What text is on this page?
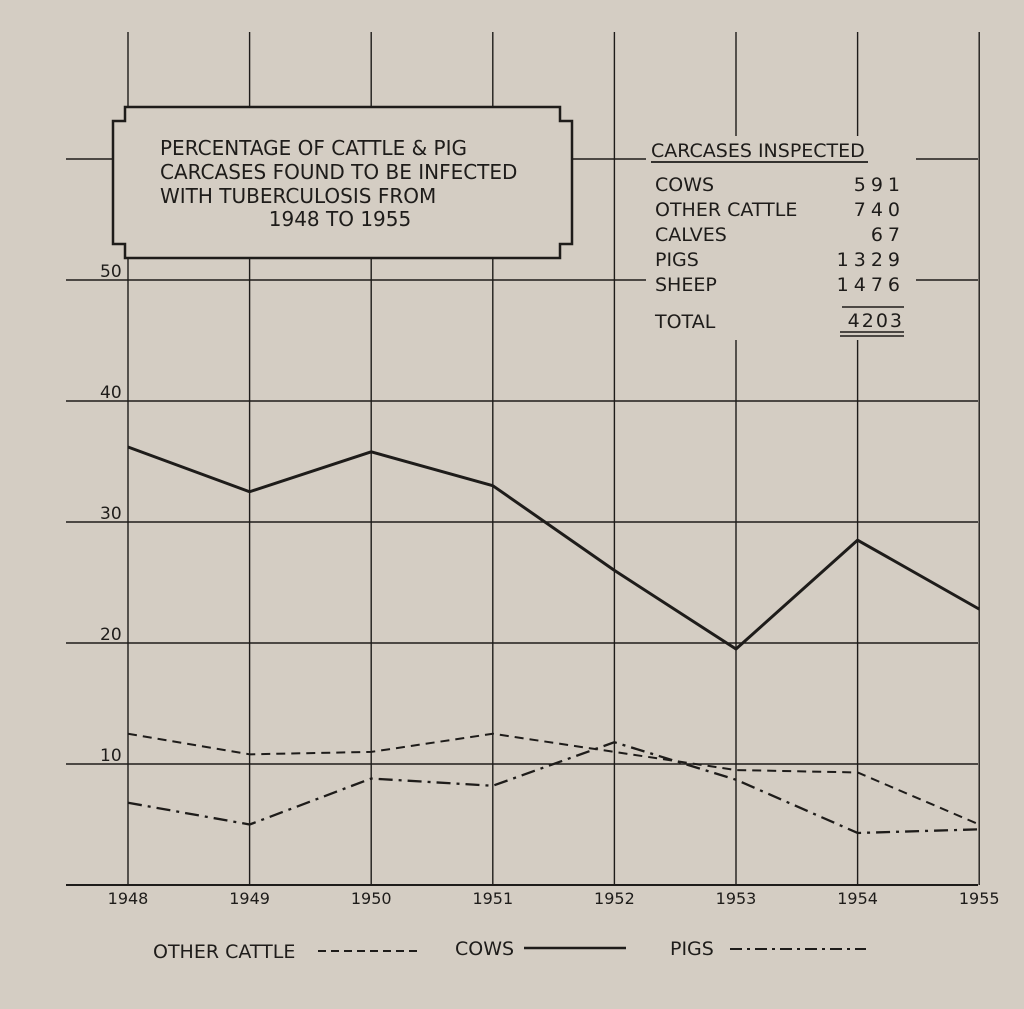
1948	1949	1950	1951	1952	1953	1954	1955
10
20
30
40
50
PERCENTAGE OF CATTLE & PIG
CARCASES FOUND TO BE INFECTED
WITH TUBERCULOSIS FROM
1948 TO 1955
CARCASES INSPECTED
COWS	591
OTHER CATTLE	740
CALVES	67
PIGS	1329
SHEEP	1476
TOTAL	4203
OTHER CATTLE	COWS	PIGS
